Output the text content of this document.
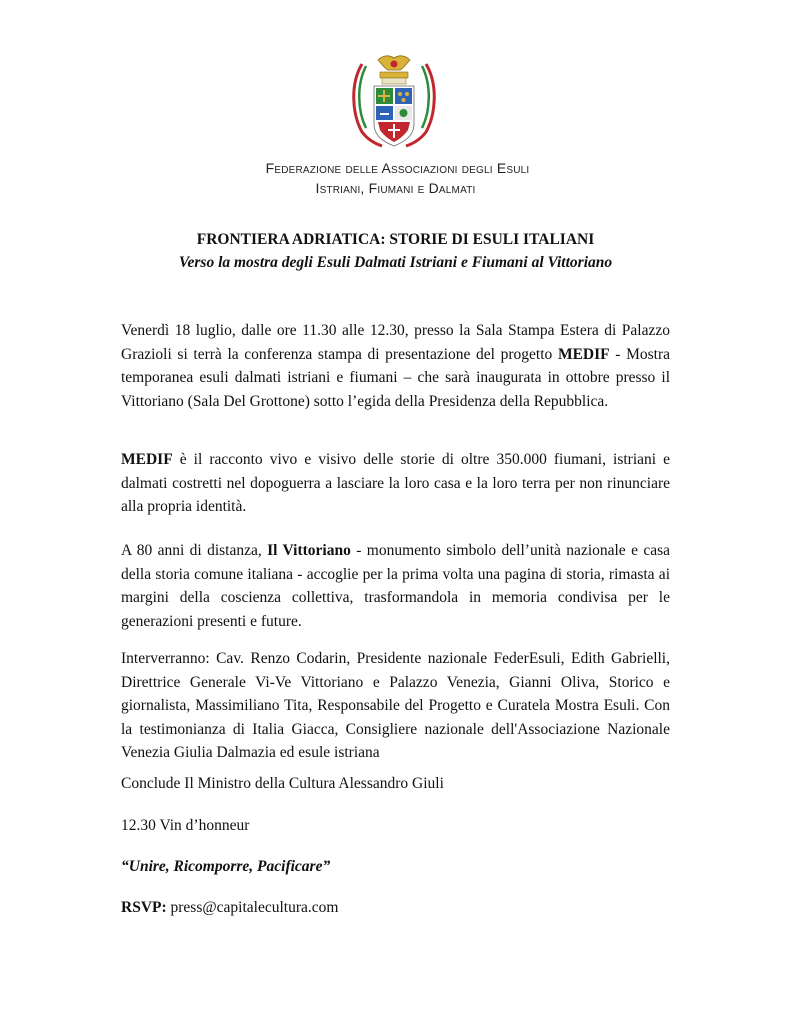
Federazione delle Associazioni degli Esuli
Istriani, Fiumani e Dalmati
FRONTIERA ADRIATICA: STORIE DI ESULI ITALIANI
Verso la mostra degli Esuli Dalmati Istriani e Fiumani al Vittoriano

Venerdì 18 luglio, dalle ore 11.30 alle 12.30, presso la Sala Stampa Estera di Palazzo Grazioli si terrà la conferenza stampa di presentazione del progetto MEDIF - Mostra temporanea esuli dalmati istriani e fiumani – che sarà inaugurata in ottobre presso il Vittoriano (Sala Del Grottone) sotto l’egida della Presidenza della Repubblica.

MEDIF è il racconto vivo e visivo delle storie di oltre 350.000 fiumani, istriani e dalmati costretti nel dopoguerra a lasciare la loro casa e la loro terra per non rinunciare alla propria identità.

A 80 anni di distanza, Il Vittoriano - monumento simbolo dell’unità nazionale e casa della storia comune italiana - accoglie per la prima volta una pagina di storia, rimasta ai margini della coscienza collettiva, trasformandola in memoria condivisa per le generazioni presenti e future.

Interverranno: Cav. Renzo Codarin, Presidente nazionale FederEsuli, Edith Gabrielli, Direttrice Generale Vi-Ve Vittoriano e Palazzo Venezia, Gianni Oliva, Storico e giornalista, Massimiliano Tita, Responsabile del Progetto e Curatela Mostra Esuli. Con la testimonianza di Italia Giacca, Consigliere nazionale dell'Associazione Nazionale Venezia Giulia Dalmazia ed esule istriana

Conclude Il Ministro della Cultura Alessandro Giuli

12.30 Vin d’honneur

“Unire, Ricomporre, Pacificare”

RSVP: press@capitalecultura.com
